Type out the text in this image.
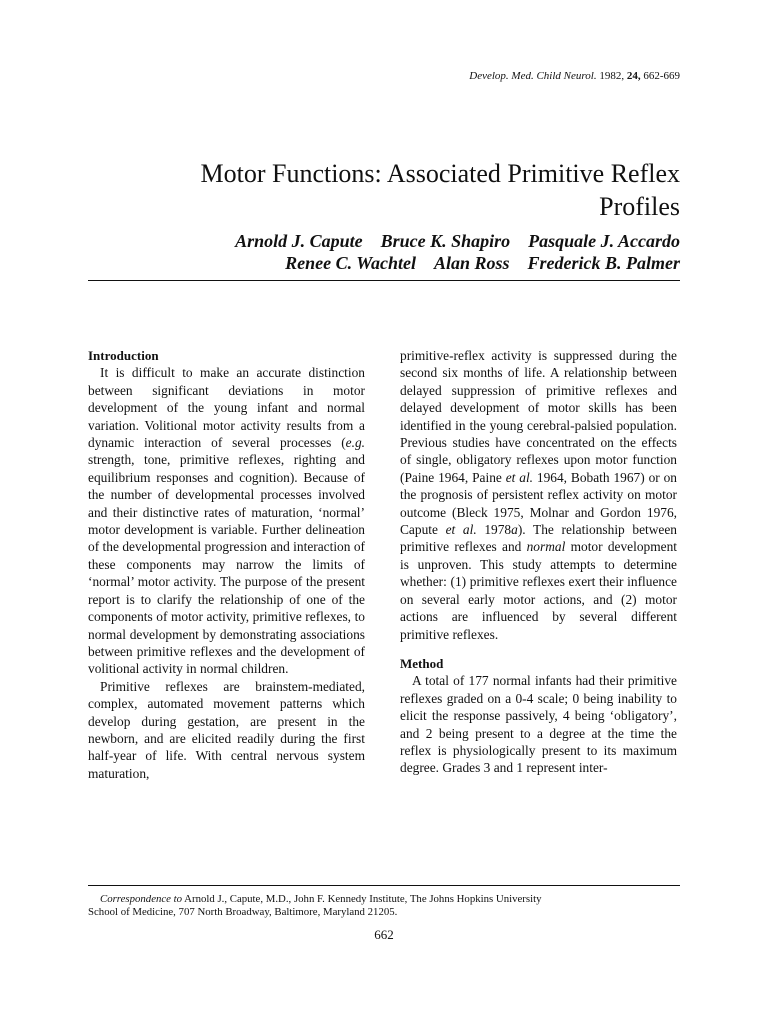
Develop. Med. Child Neurol. 1982, 24, 662-669
Motor Functions: Associated Primitive Reflex
Profiles
Arnold J. Capute Bruce K. Shapiro Pasquale J. Accardo
Renee C. Wachtel Alan Ross Frederick B. Palmer
Introduction

It is difficult to make an accurate distinction between significant deviations in motor development of the young infant and normal variation. Volitional motor activity results from a dynamic interaction of several processes (e.g. strength, tone, primitive reflexes, righting and equilibrium responses and cognition). Because of the number of developmental processes involved and their distinctive rates of maturation, ‘normal’ motor development is variable. Further delineation of the developmental progression and interaction of these components may narrow the limits of ‘normal’ motor activity. The purpose of the present report is to clarify the relationship of one of the components of motor activity, primitive reflexes, to normal development by demonstrating associations between primitive reflexes and the development of volitional activity in normal children.

Primitive reflexes are brainstem-mediated, complex, automated movement patterns which develop during gestation, are present in the newborn, and are elicited readily during the first half-year of life. With central nervous system maturation,

primitive-reflex activity is suppressed during the second six months of life. A relationship between delayed suppression of primitive reflexes and delayed development of motor skills has been identified in the young cerebral-palsied population. Previous studies have concentrated on the effects of single, obligatory reflexes upon motor function (Paine 1964, Paine et al. 1964, Bobath 1967) or on the prognosis of persistent reflex activity on motor outcome (Bleck 1975, Molnar and Gordon 1976, Capute et al. 1978a). The relationship between primitive reflexes and normal motor development is unproven. This study attempts to determine whether: (1) primitive reflexes exert their influence on several early motor actions, and (2) motor actions are influenced by several different primitive reflexes.

Method

A total of 177 normal infants had their primitive reflexes graded on a 0-4 scale; 0 being inability to elicit the response passively, 4 being ‘obligatory’, and 2 being present to a degree at the time the reflex is physiologically present to its maximum degree. Grades 3 and 1 represent inter-

Correspondence to Arnold J., Capute, M.D., John F. Kennedy Institute, The Johns Hopkins University
School of Medicine, 707 North Broadway, Baltimore, Maryland 21205.
662
